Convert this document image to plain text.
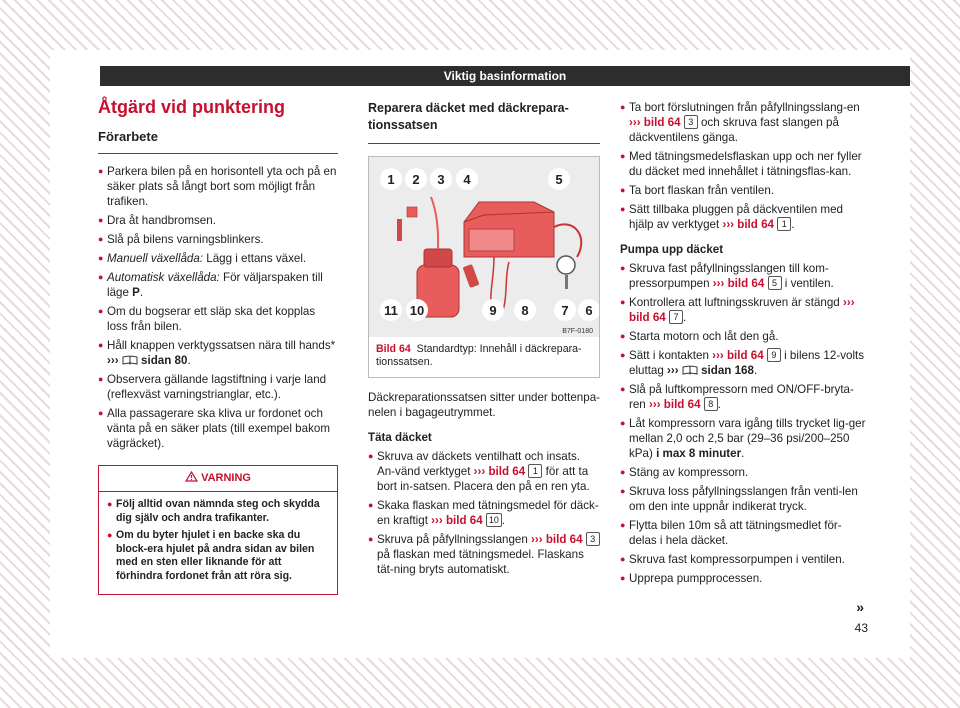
Viktig basinformation
Åtgärd vid punktering
Förarbete
● Parkera bilen på en horisontell yta och på en säker plats så långt bort som möjligt från trafiken.
● Dra åt handbromsen.
● Slå på bilens varningsblinkers.
● Manuell växellåda: Lägg i ettans växel.
● Automatisk växellåda: För väljarspaken till läge P.
● Om du bogserar ett släp ska det kopplas loss från bilen.
● Håll knappen verktygssatsen nära till hands* ›››  sidan 80.
● Observera gällande lagstiftning i varje land (reflexväst varningstrianglar, etc.).
● Alla passagerare ska kliva ur fordonet och vänta på en säker plats (till exempel bakom vägräcket).
VARNING
● Följ alltid ovan nämnda steg och skydda dig själv och andra trafikanter.
● Om du byter hjulet i en backe ska du block-era hjulet på andra sidan av bilen med en sten eller liknande för att förhindra fordonet från att röra sig.
Reparera däcket med däckrepara-tionssatsen
1 2 3 4	5
11 10	9 8	7 6
B7F-0180
Bild 64 Standardtyp: Innehåll i däckrepara-tionssatsen.

Däckreparationssatsen sitter under bottenpa-nelen i bagageutrymmet.

Täta däcket
● Skruva av däckets ventilhatt och insats. An-vänd verktyget ››› bild 64 1 för att ta bort in-satsen. Placera den på en ren yta.
● Skaka flaskan med tätningsmedel för däck-en kraftigt ››› bild 64 10 .
● Skruva på påfyllningsslangen ››› bild 64 3 på flaskan med tätningsmedel. Flaskans tät-ning bryts automatiskt.
● Ta bort förslutningen från påfyllningsslang-en ››› bild 64 3 och skruva fast slangen på däckventilens gänga.
● Med tätningsmedelsflaskan upp och ner fyller du däcket med innehållet i tätningsflas-kan.
● Ta bort flaskan från ventilen.
● Sätt tillbaka pluggen på däckventilen med hjälp av verktyget ››› bild 64 1 .
Pumpa upp däcket
● Skruva fast påfyllningsslangen till kom-pressorpumpen ››› bild 64 5 i ventilen.
● Kontrollera att luftningsskruven är stängd ››› bild 64 7 .
● Starta motorn och låt den gå.
● Sätt i kontakten ››› bild 64 9 i bilens 12-volts eluttag ›››  sidan 168.
● Slå på luftkompressorn med ON/OFF-bryta-ren ››› bild 64 8 .
● Låt kompressorn vara igång tills trycket lig-ger mellan 2,0 och 2,5 bar (29–36 psi/200–250 kPa) i max 8 minuter.
● Stäng av kompressorn.
● Skruva loss påfyllningsslangen från venti-len om den inte uppnår indikerat tryck.
● Flytta bilen 10m så att tätningsmedlet för-delas i hela däcket.
● Skruva fast kompressorpumpen i ventilen.
● Upprepa pumpprocessen.
»
43
